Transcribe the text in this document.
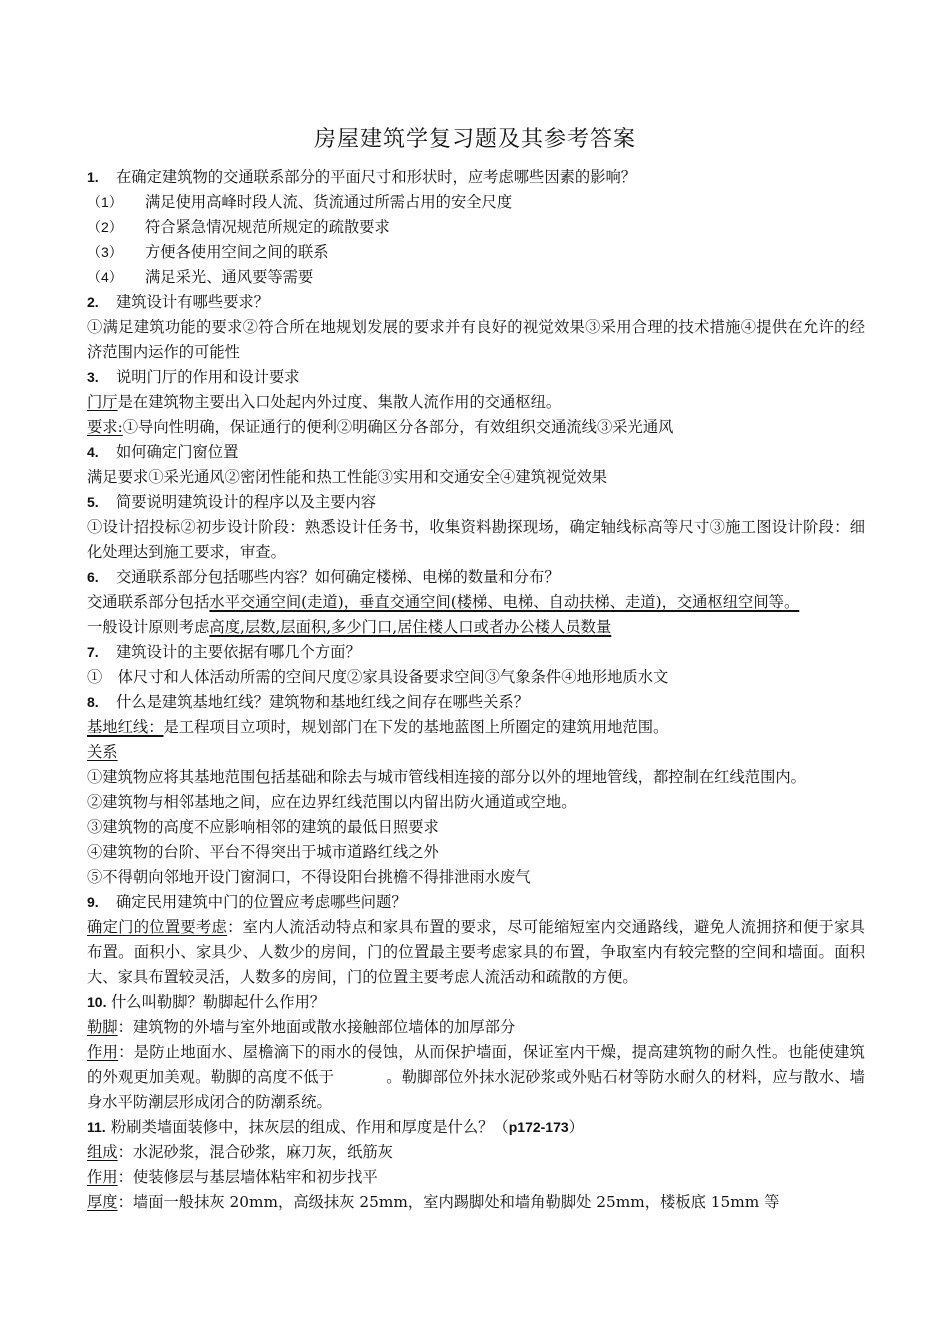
房屋建筑学复习题及其参考答案
1. 在确定建筑物的交通联系部分的平面尺寸和形状时，应考虑哪些因素的影响？
（1） 满足使用高峰时段人流、货流通过所需占用的安全尺度
（2） 符合紧急情况规范所规定的疏散要求
（3） 方便各使用空间之间的联系
（4） 满足采光、通风要等需要
2. 建筑设计有哪些要求？
①满足建筑功能的要求②符合所在地规划发展的要求并有良好的视觉效果③采用合理的技术措施④提供在允许的经济范围内运作的可能性
3. 说明门厅的作用和设计要求
门厅是在建筑物主要出入口处起内外过度、集散人流作用的交通枢纽。
要求:①导向性明确，保证通行的便利②明确区分各部分，有效组织交通流线③采光通风
4. 如何确定门窗位置
满足要求①采光通风②密闭性能和热工性能③实用和交通安全④建筑视觉效果
5. 简要说明建筑设计的程序以及主要内容
①设计招投标②初步设计阶段：熟悉设计任务书，收集资料勘探现场，确定轴线标高等尺寸③施工图设计阶段：细化处理达到施工要求，审查。
6. 交通联系部分包括哪些内容？如何确定楼梯、电梯的数量和分布？
交通联系部分包括水平交通空间(走道)，垂直交通空间(楼梯、电梯、自动扶梯、走道)，交通枢纽空间等。
一般设计原则考虑高度,层数,层面积,多少门口,居住楼人口或者办公楼人员数量
7. 建筑设计的主要依据有哪几个方面？
①　体尺寸和人体活动所需的空间尺度②家具设备要求空间③气象条件④地形地质水文
8. 什么是建筑基地红线？建筑物和基地红线之间存在哪些关系？
基地红线：是工程项目立项时，规划部门在下发的基地蓝图上所圈定的建筑用地范围。
关系
①建筑物应将其基地范围包括基础和除去与城市管线相连接的部分以外的埋地管线，都控制在红线范围内。
②建筑物与相邻基地之间，应在边界红线范围以内留出防火通道或空地。
③建筑物的高度不应影响相邻的建筑的最低日照要求
④建筑物的台阶、平台不得突出于城市道路红线之外
⑤不得朝向邻地开设门窗洞口，不得设阳台挑檐不得排泄雨水废气
9. 确定民用建筑中门的位置应考虑哪些问题？
确定门的位置要考虑：室内人流活动特点和家具布置的要求，尽可能缩短室内交通路线，避免人流拥挤和便于家具布置。面积小、家具少、人数少的房间，门的位置最主要考虑家具的布置，争取室内有较完整的空间和墙面。面积大、家具布置较灵活，人数多的房间，门的位置主要考虑人流活动和疏散的方便。
10. 什么叫勒脚？勒脚起什么作用？
勒脚：建筑物的外墙与室外地面或散水接触部位墙体的加厚部分
作用：是防止地面水、屋檐滴下的雨水的侵蚀，从而保护墙面，保证室内干燥，提高建筑物的耐久性。也能使建筑的外观更加美观。勒脚的高度不低于	。勒脚部位外抹水泥砂浆或外贴石材等防水耐久的材料，应与散水、墙身水平防潮层形成闭合的防潮系统。
11. 粉刷类墙面装修中，抹灰层的组成、作用和厚度是什么？（p172-173）
组成：水泥砂浆，混合砂浆，麻刀灰，纸筋灰
作用：使装修层与基层墙体粘牢和初步找平
厚度：墙面一般抹灰 20mm，高级抹灰 25mm，室内踢脚处和墙角勒脚处 25mm，楼板底 15mm 等
